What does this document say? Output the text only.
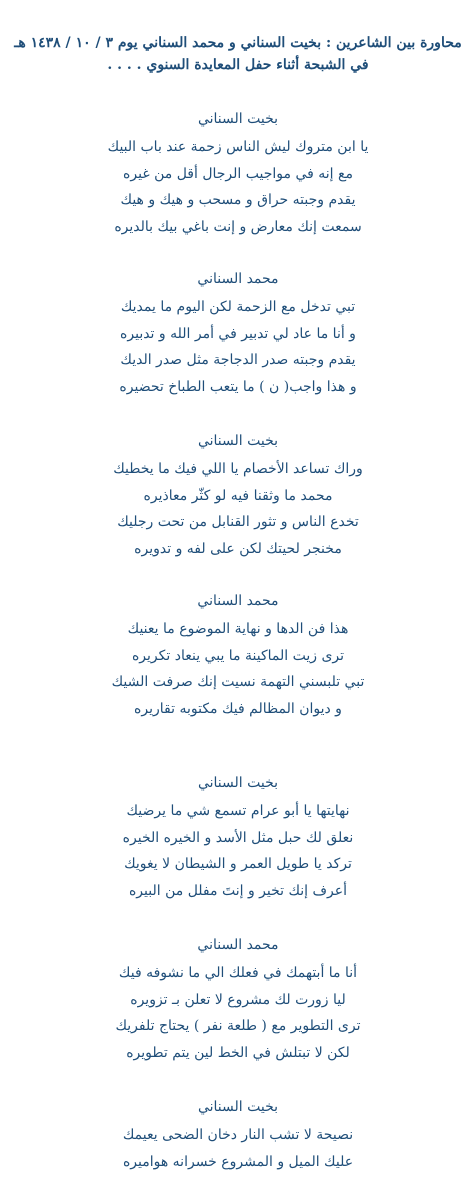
محاورة بين الشاعرين : بخيت السناني و محمد السناني يوم ٣ / ١٠ / ١٤٣٨ هـ
في الشبحة أثناء حفل المعايدة السنوي . . . .
بخيت السناني
يا ابن متروك ليش الناس زحمة عند باب البيك
مع إنه في مواجيب الرجال أقل من غيره
يقدم وجبته حراق و مسحب و هيك و هيك
سمعت إنك معارض و إنت باغي بيك بالديره
محمد السناني
تبي تدخل مع الزحمة لكن اليوم ما يمديك
و أنا ما عاد لي تدبير في أمر الله و تدبيره
يقدم وجبته صدر الدجاجة مثل صدر الديك
و هذا واجب( ن ) ما يتعب الطباخ تحضيره
بخيت السناني
وراك تساعد الأخصام يا اللي فيك ما يخطيك
محمد ما وثقنا فيه لو كثّر معاذيره
تخدع الناس و تثور القنابل من تحت رجليك
مخنجر لحيتك لكن على لفه و تدويره
محمد السناني
هذا فن الدها و نهاية الموضوع ما يعنيك
ترى زيت الماكينة ما يبي ينعاد تكريره
تبي تلبسني التهمة نسيت إنك صرفت الشيك
و ديوان المظالم فيك مكتوبه تقاريره
بخيت السناني
نهايتها يا أبو عرام تسمع شي ما يرضيك
نعلق لك حبل مثل الأسد و الخيره الخيره
تركد يا طويل العمر و الشيطان لا يغويك
أعرف إنك تخير و إنتَ مفلل من البيره
محمد السناني
أنا ما أبتهمك في فعلك الي ما نشوفه فيك
ليا زورت لك مشروع لا تعلن بـ تزويره
ترى التطوير مع ( طلعة نفر ) يحتاج تلفريك
لكن لا تبتلش في الخط لين يتم تطويره
بخيت السناني
نصيحة لا تشب النار دخان الضحى يعيمك
عليك الميل و المشروع خسرانه هواميره
